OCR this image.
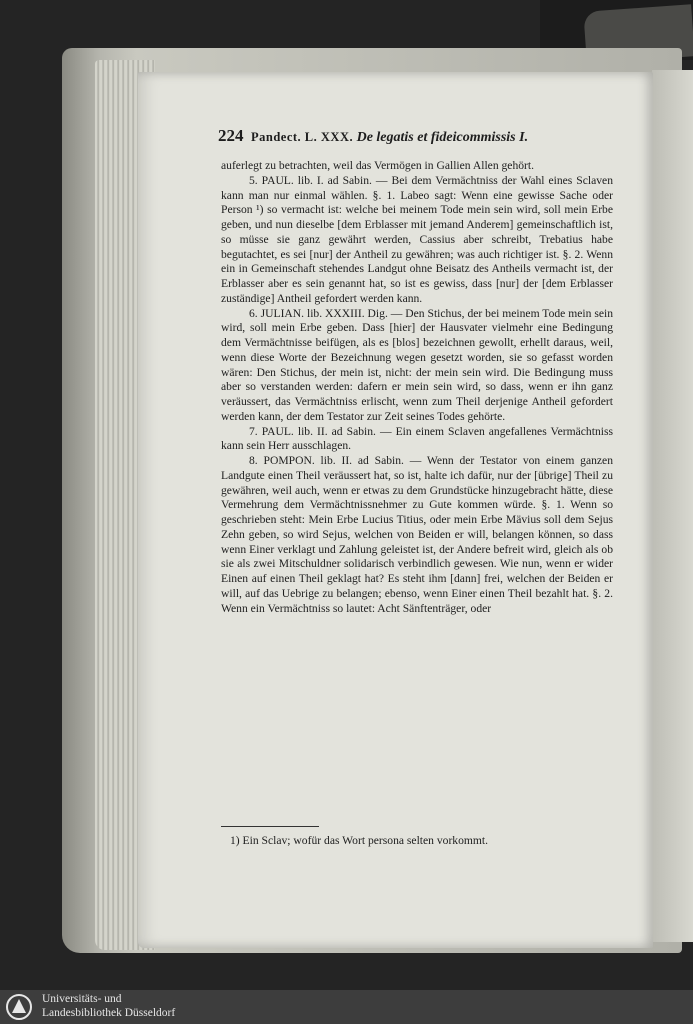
224 Pandect. L. XXX. De legatis et fideicommissis I.

auferlegt zu betrachten, weil das Vermögen in Gallien Allen gehört.

5. PAUL. lib. I. ad Sabin. — Bei dem Vermächtniss der Wahl eines Sclaven kann man nur einmal wählen. §. 1. Labeo sagt: Wenn eine gewisse Sache oder Person ¹) so vermacht ist: welche bei meinem Tode mein sein wird, soll mein Erbe geben, und nun dieselbe [dem Erblasser mit jemand Anderem] gemeinschaftlich ist, so müsse sie ganz gewährt werden, Cassius aber schreibt, Trebatius habe begutachtet, es sei [nur] der Antheil zu gewähren; was auch richtiger ist. §. 2. Wenn ein in Gemeinschaft stehendes Landgut ohne Beisatz des Antheils vermacht ist, der Erblasser aber es sein genannt hat, so ist es gewiss, dass [nur] der [dem Erblasser zuständige] Antheil gefordert werden kann.

6. JULIAN. lib. XXXIII. Dig. — Den Stichus, der bei meinem Tode mein sein wird, soll mein Erbe geben. Dass [hier] der Hausvater vielmehr eine Bedingung dem Vermächtnisse beifügen, als es [blos] bezeichnen gewollt, erhellt daraus, weil, wenn diese Worte der Bezeichnung wegen gesetzt worden, sie so gefasst worden wären: Den Stichus, der mein ist, nicht: der mein sein wird. Die Bedingung muss aber so verstanden werden: dafern er mein sein wird, so dass, wenn er ihn ganz veräussert, das Vermächtniss erlischt, wenn zum Theil derjenige Antheil gefordert werden kann, der dem Testator zur Zeit seines Todes gehörte.

7. PAUL. lib. II. ad Sabin. — Ein einem Sclaven angefallenes Vermächtniss kann sein Herr ausschlagen.

8. POMPON. lib. II. ad Sabin. — Wenn der Testator von einem ganzen Landgute einen Theil veräussert hat, so ist, halte ich dafür, nur der [übrige] Theil zu gewähren, weil auch, wenn er etwas zu dem Grundstücke hinzugebracht hätte, diese Vermehrung dem Vermächtnissnehmer zu Gute kommen würde. §. 1. Wenn so geschrieben steht: Mein Erbe Lucius Titius, oder mein Erbe Mävius soll dem Sejus Zehn geben, so wird Sejus, welchen von Beiden er will, belangen können, so dass wenn Einer verklagt und Zahlung geleistet ist, der Andere befreit wird, gleich als ob sie als zwei Mitschuldner solidarisch verbindlich gewesen. Wie nun, wenn er wider Einen auf einen Theil geklagt hat? Es steht ihm [dann] frei, welchen der Beiden er will, auf das Uebrige zu belangen; ebenso, wenn Einer einen Theil bezahlt hat. §. 2. Wenn ein Vermächtniss so lautet: Acht Sänftenträger, oder

1) Ein Sclav; wofür das Wort persona selten vorkommt.
Universitäts- und
Landesbibliothek Düsseldorf
